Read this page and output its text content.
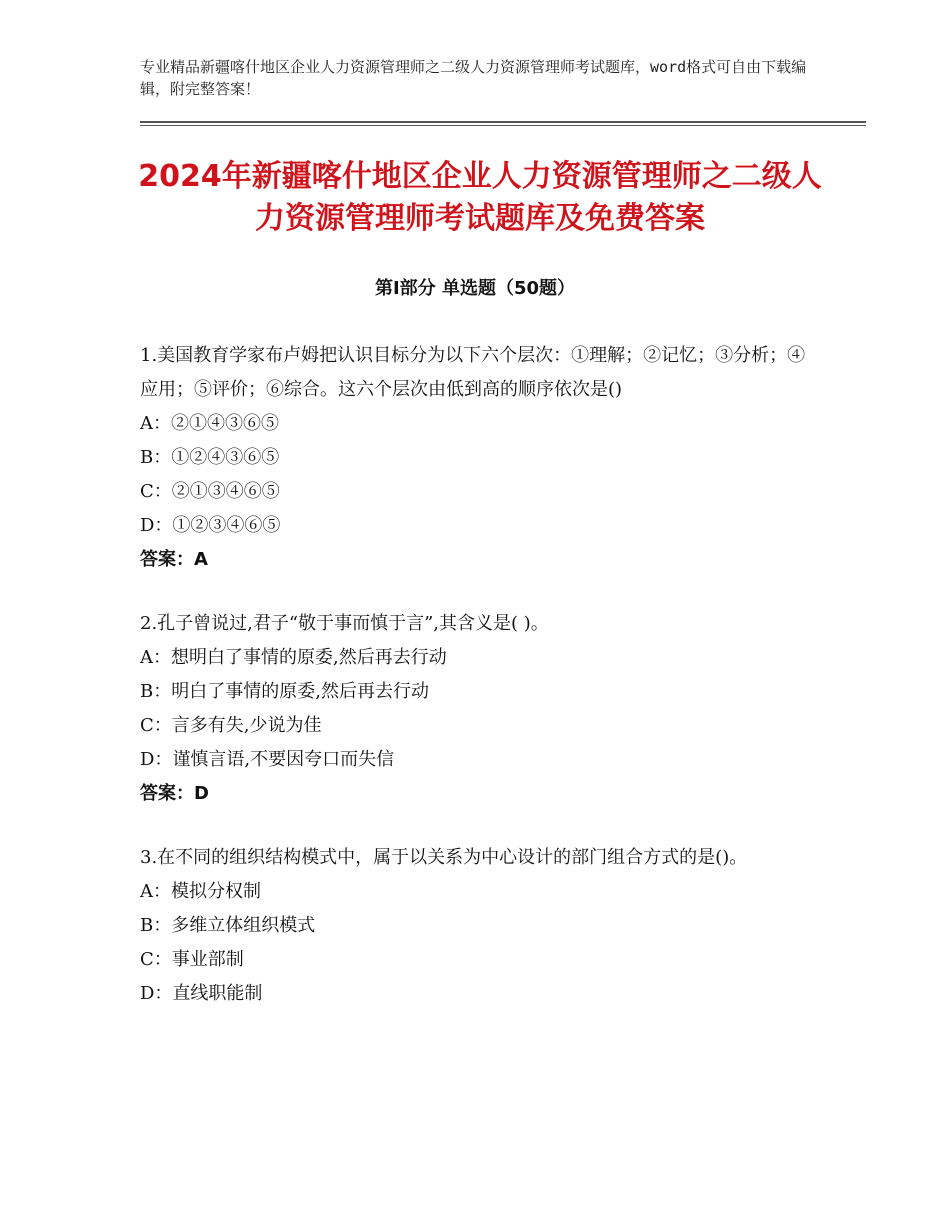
专业精品新疆喀什地区企业人力资源管理师之二级人力资源管理师考试题库，word格式可自由下载编辑，附完整答案！
2024年新疆喀什地区企业人力资源管理师之二级人力资源管理师考试题库及免费答案
第Ⅰ部分 单选题（50题）
1.美国教育学家布卢姆把认识目标分为以下六个层次：①理解；②记忆；③分析；④应用；⑤评价；⑥综合。这六个层次由低到高的顺序依次是()
A：②①④③⑥⑤
B：①②④③⑥⑤
C：②①③④⑥⑤
D：①②③④⑥⑤
答案：A
2.孔子曾说过,君子“敬于事而慎于言”,其含义是( )。
A：想明白了事情的原委,然后再去行动
B：明白了事情的原委,然后再去行动
C：言多有失,少说为佳
D：谨慎言语,不要因夸口而失信
答案：D
3.在不同的组织结构模式中，属于以关系为中心设计的部门组合方式的是()。
A：模拟分权制
B：多维立体组织模式
C：事业部制
D：直线职能制
